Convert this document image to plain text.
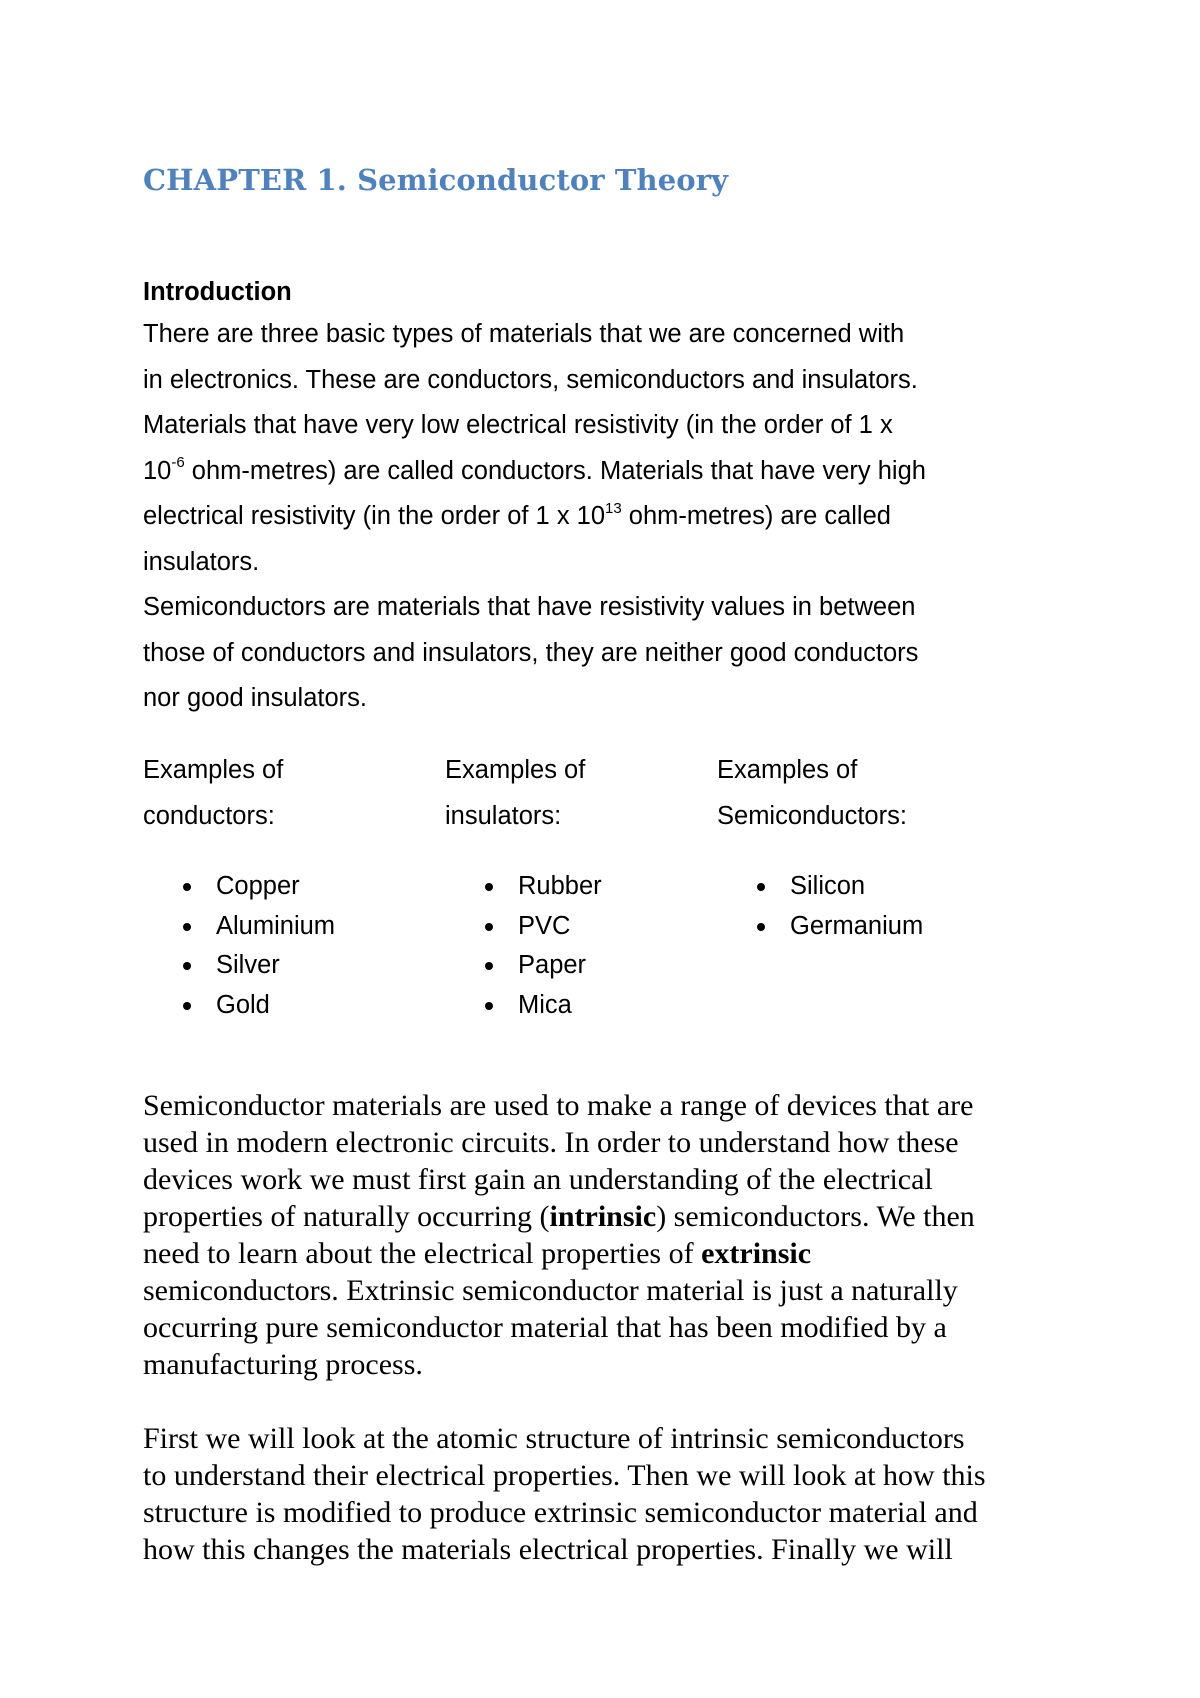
CHAPTER 1. Semiconductor Theory
Introduction

There are three basic types of materials that we are concerned with

in electronics. These are conductors, semiconductors and insulators.

Materials that have very low electrical resistivity (in the order of 1 x

$10^{-6}$ ohm-metres) are called conductors. Materials that have very high

electrical resistivity (in the order of 1 x $10^{13}$ ohm-metres) are called

insulators.

Semiconductors are materials that have resistivity values in between

those of conductors and insulators, they are neither good conductors

nor good insulators.

Examples of
conductors:
Copper
Aluminium
Silver
Gold
Examples of
insulators:
Rubber
PVC
Paper
Mica
Examples of
Semiconductors:
Silicon
Germanium

Semiconductor materials are used to make a range of devices that are

used in modern electronic circuits. In order to understand how these

devices work we must first gain an understanding of the electrical

properties of naturally occurring (intrinsic) semiconductors. We then

need to learn about the electrical properties of extrinsic

semiconductors. Extrinsic semiconductor material is just a naturally

occurring pure semiconductor material that has been modified by a

manufacturing process.

First we will look at the atomic structure of intrinsic semiconductors

to understand their electrical properties. Then we will look at how this

structure is modified to produce extrinsic semiconductor material and

how this changes the materials electrical properties. Finally we will
